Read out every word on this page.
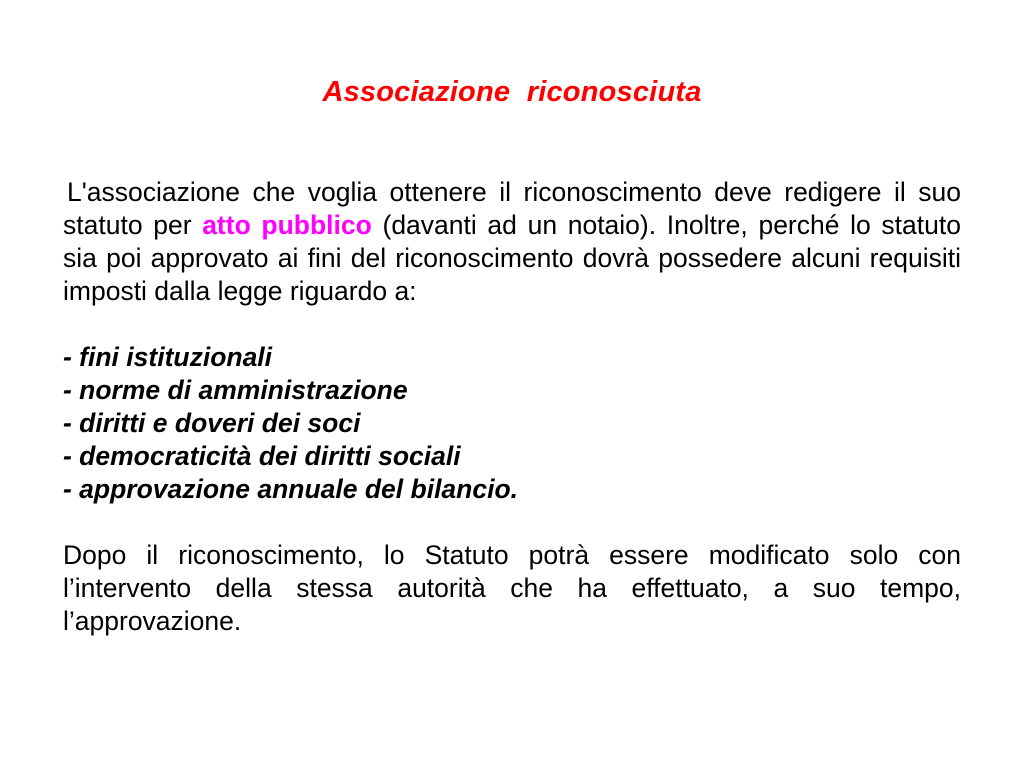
Associazione  riconosciuta

L'associazione che voglia ottenere il riconoscimento deve redigere il suo statuto per atto pubblico (davanti ad un notaio). Inoltre, perché lo statuto sia poi approvato ai fini del riconoscimento dovrà possedere alcuni requisiti imposti dalla legge riguardo a:

- fini istituzionali
- norme di amministrazione
- diritti e doveri dei soci
- democraticità dei diritti sociali
- approvazione annuale del bilancio.

Dopo il riconoscimento, lo Statuto potrà essere modificato solo con l’intervento della stessa autorità che ha effettuato, a suo tempo, l’approvazione.
